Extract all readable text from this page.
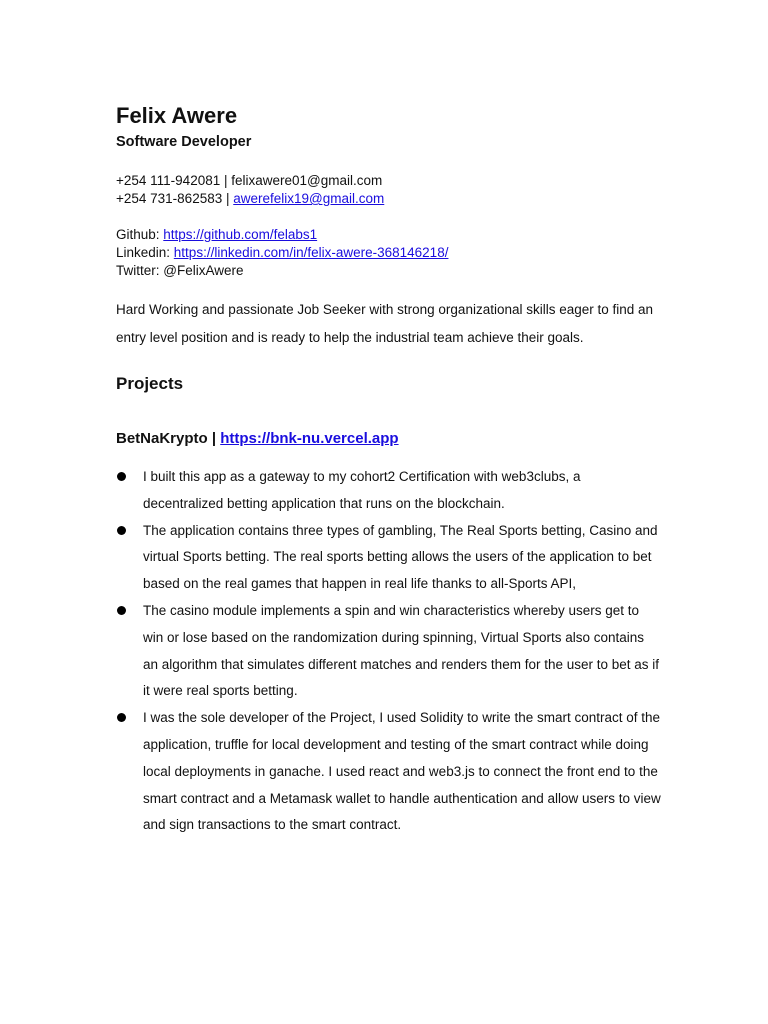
Felix Awere
Software Developer
+254 111-942081 | felixawere01@gmail.com
+254 731-862583 | awerefelix19@gmail.com
Github: https://github.com/felabs1
Linkedin: https://linkedin.com/in/felix-awere-368146218/
Twitter: @FelixAwere

Hard Working and passionate Job Seeker with strong organizational skills eager to find an entry level position and is ready to help the industrial team achieve their goals.

Projects
BetNaKrypto | https://bnk-nu.vercel.app
I built this app as a gateway to my cohort2 Certification with web3clubs, a decentralized betting application that runs on the blockchain.
The application contains three types of gambling, The Real Sports betting, Casino and virtual Sports betting. The real sports betting allows the users of the application to bet based on the real games that happen in real life thanks to all-Sports API,
The casino module implements a spin and win characteristics whereby users get to win or lose based on the randomization during spinning, Virtual Sports also contains an algorithm that simulates different matches and renders them for the user to bet as if it were real sports betting.
I was the sole developer of the Project, I used Solidity to write the smart contract of the application, truffle for local development and testing of the smart contract while doing local deployments in ganache. I used react and web3.js to connect the front end to the smart contract and a Metamask wallet to handle authentication and allow users to view and sign transactions to the smart contract.
